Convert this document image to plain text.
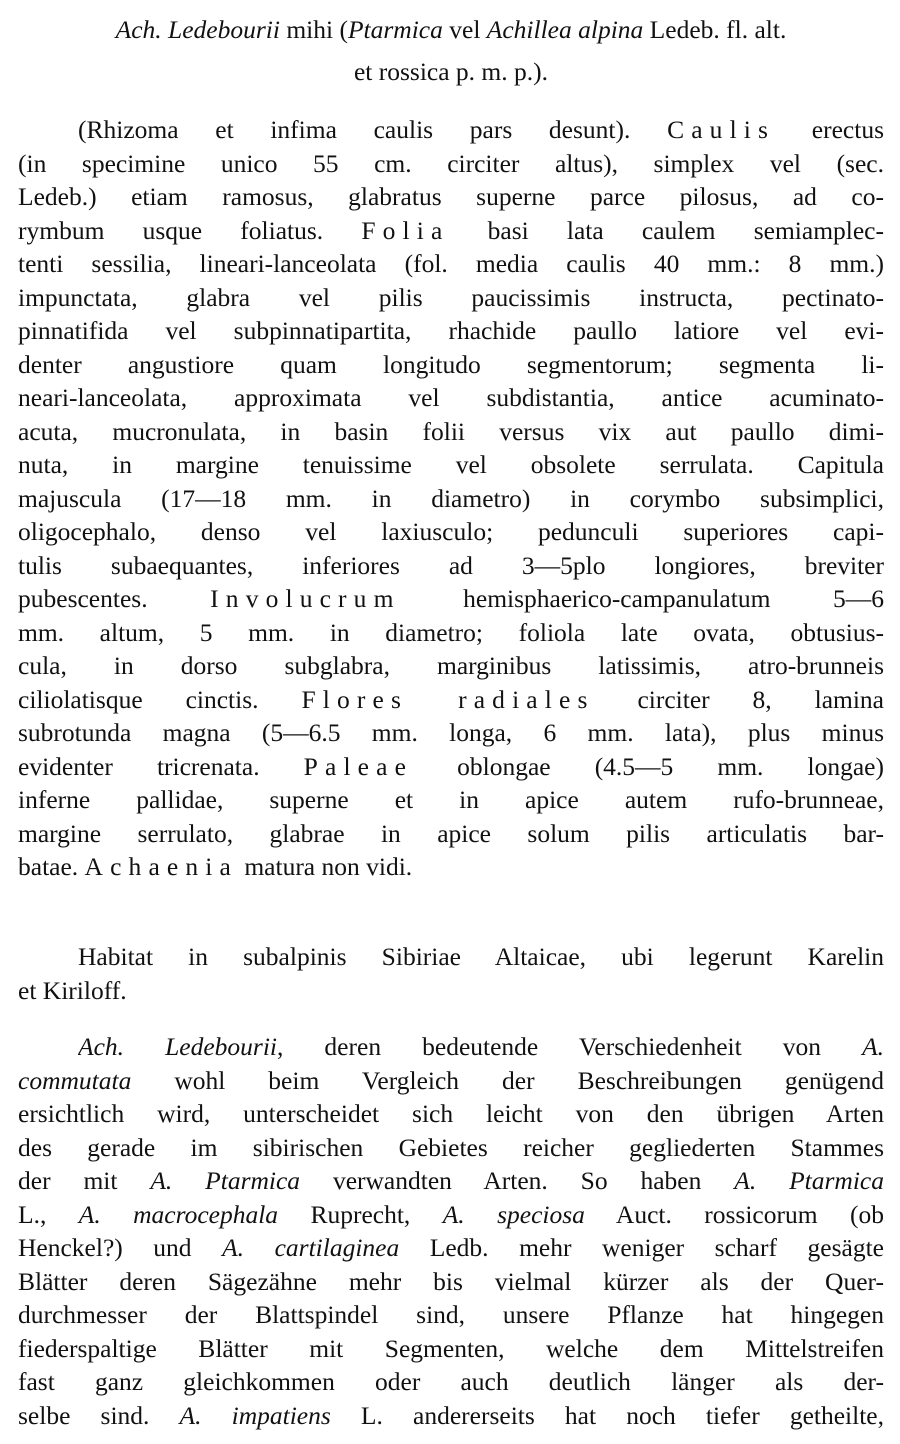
Ach. Ledebourii mihi (Ptarmica vel Achillea alpina Ledeb. fl. alt.
et rossica p. m. p.).
(Rhizoma et infima caulis pars desunt). Caulis erectus
(in specimine unico 55 cm. circiter altus), simplex vel (sec.
Ledeb.) etiam ramosus, glabratus superne parce pilosus, ad co-
rymbum usque foliatus. Folia basi lata caulem semiamplec-
tenti sessilia, lineari-lanceolata (fol. media caulis 40 mm.: 8 mm.)
impunctata, glabra vel pilis paucissimis instructa, pectinato-
pinnatifida vel subpinnatipartita, rhachide paullo latiore vel evi-
denter angustiore quam longitudo segmentorum; segmenta li-
neari-lanceolata, approximata vel subdistantia, antice acuminato-
acuta, mucronulata, in basin folii versus vix aut paullo dimi-
nuta, in margine tenuissime vel obsolete serrulata. Capitula
majuscula (17—18 mm. in diametro) in corymbo subsimplici,
oligocephalo, denso vel laxiusculo; pedunculi superiores capi-
tulis subaequantes, inferiores ad 3—5plo longiores, breviter
pubescentes. Involucrum hemisphaerico-campanulatum 5—6
mm. altum, 5 mm. in diametro; foliola late ovata, obtusius-
cula, in dorso subglabra, marginibus latissimis, atro-brunneis
ciliolatisque cinctis. Flores radiales circiter 8, lamina
subrotunda magna (5—6.5 mm. longa, 6 mm. lata), plus minus
evidenter tricrenata. Paleae oblongae (4.5—5 mm. longae)
inferne pallidae, superne et in apice autem rufo-brunneae,
margine serrulato, glabrae in apice solum pilis articulatis bar-
batae. Achaenia matura non vidi.
Habitat in subalpinis Sibiriae Altaicae, ubi legerunt Karelin
et Kiriloff.
Ach. Ledebourii, deren bedeutende Verschiedenheit von A.
commutata wohl beim Vergleich der Beschreibungen genügend
ersichtlich wird, unterscheidet sich leicht von den übrigen Arten
des gerade im sibirischen Gebietes reicher gegliederten Stammes
der mit A. Ptarmica verwandten Arten. So haben A. Ptarmica
L., A. macrocephala Ruprecht, A. speciosa Auct. rossicorum (ob
Henckel?) und A. cartilaginea Ledb. mehr weniger scharf gesägte
Blätter deren Sägezähne mehr bis vielmal kürzer als der Quer-
durchmesser der Blattspindel sind, unsere Pflanze hat hingegen
fiederspaltige Blätter mit Segmenten, welche dem Mittelstreifen
fast ganz gleichkommen oder auch deutlich länger als der-
selbe sind. A. impatiens L. andererseits hat noch tiefer getheilte,
